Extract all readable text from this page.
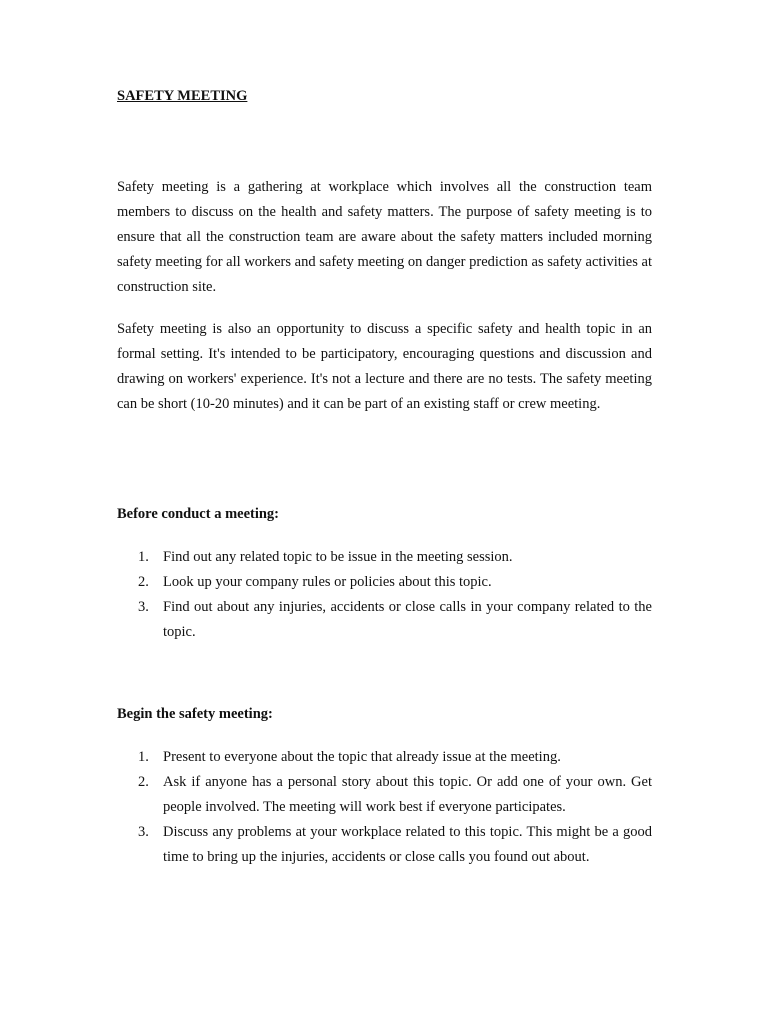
SAFETY MEETING

Safety meeting is a gathering at workplace which involves all the construction team members to discuss on the health and safety matters. The purpose of safety meeting is to ensure that all the construction team are aware about the safety matters included morning safety meeting for all workers and safety meeting on danger prediction as safety activities at construction site.

Safety meeting is also an opportunity to discuss a specific safety and health topic in an formal setting. It's intended to be participatory, encouraging questions and discussion and drawing on workers' experience. It's not a lecture and there are no tests. The safety meeting can be short (10-20 minutes) and it can be part of an existing staff or crew meeting.

Before conduct a meeting:
1. Find out any related topic to be issue in the meeting session.
2. Look up your company rules or policies about this topic.
3. Find out about any injuries, accidents or close calls in your company related to the topic.
Begin the safety meeting:
1. Present to everyone about the topic that already issue at the meeting.
2. Ask if anyone has a personal story about this topic. Or add one of your own. Get people involved. The meeting will work best if everyone participates.
3. Discuss any problems at your workplace related to this topic. This might be a good time to bring up the injuries, accidents or close calls you found out about.
